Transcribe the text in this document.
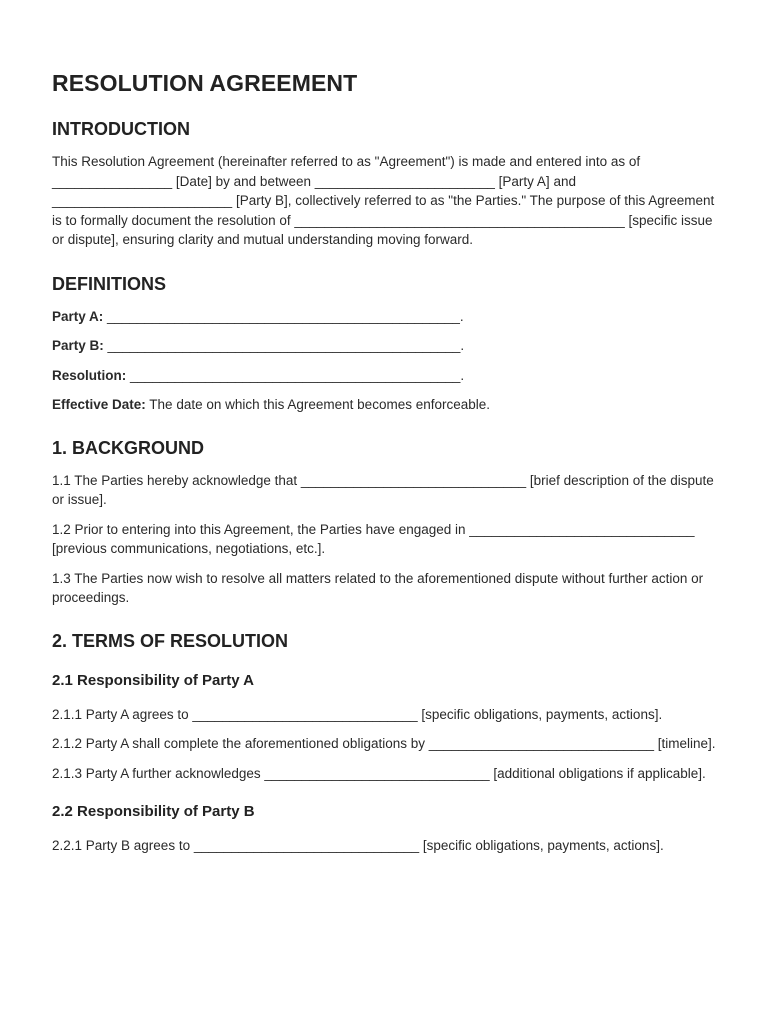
RESOLUTION AGREEMENT
INTRODUCTION

This Resolution Agreement (hereinafter referred to as "Agreement") is made and entered into as of ________________ [Date] by and between ________________________ [Party A] and ________________________ [Party B], collectively referred to as "the Parties." The purpose of this Agreement is to formally document the resolution of ____________________________________________ [specific issue or dispute], ensuring clarity and mutual understanding moving forward.

DEFINITIONS

Party A: _______________________________________________.

Party B: _______________________________________________.

Resolution: ____________________________________________.

Effective Date: The date on which this Agreement becomes enforceable.

1. BACKGROUND

1.1 The Parties hereby acknowledge that ______________________________ [brief description of the dispute or issue].

1.2 Prior to entering into this Agreement, the Parties have engaged in ______________________________ [previous communications, negotiations, etc.].

1.3 The Parties now wish to resolve all matters related to the aforementioned dispute without further action or proceedings.

2. TERMS OF RESOLUTION
2.1 Responsibility of Party A

2.1.1 Party A agrees to ______________________________ [specific obligations, payments, actions].

2.1.2 Party A shall complete the aforementioned obligations by ______________________________ [timeline].

2.1.3 Party A further acknowledges ______________________________ [additional obligations if applicable].

2.2 Responsibility of Party B

2.2.1 Party B agrees to ______________________________ [specific obligations, payments, actions].
